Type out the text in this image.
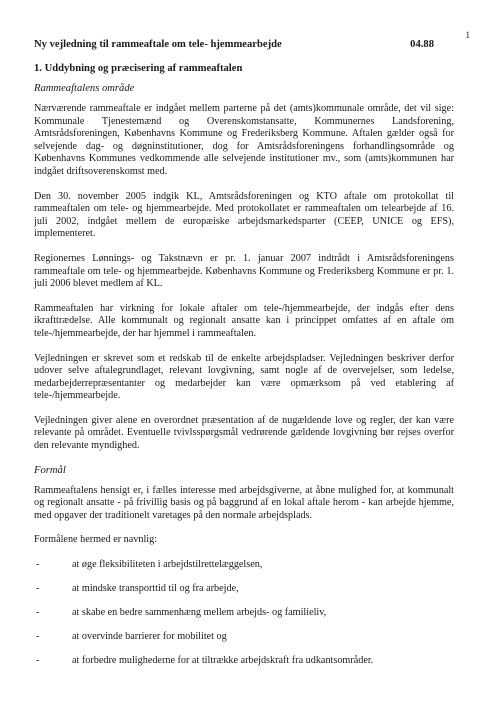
1
Ny vejledning til rammeaftale om tele- hjemmearbejde	04.88
1. Uddybning og præcisering af rammeaftalen
Rammeaftalens område

Nærværende rammeaftale er indgået mellem parterne på det (amts)kommunale område, det vil sige: Kommunale Tjenestemænd og Overenskomstansatte, Kommunernes Landsforening, Amtsrådsforeningen, Københavns Kommune og Frederiksberg Kommune. Aftalen gælder også for selvejende dag- og døgninstitutioner, dog for Amtsrådsforeningens forhandlingsområde og Københavns Kommunes vedkommende alle selvejende institutioner mv., som (amts)kommunen har indgået driftsoverenskomst med.

Den 30. november 2005 indgik KL, Amtsrådsforeningen og KTO aftale om protokollat til rammeaftalen om tele- og hjemmearbejde. Med protokollatet er rammeaftalen om telearbejde af 16. juli 2002, indgået mellem de europæiske arbejdsmarkedsparter (CEEP, UNICE og EFS), implementeret.

Regionernes Lønnings- og Takstnævn er pr. 1. januar 2007 indtrådt i Amtsrådsforeningens rammeaftale om tele- og hjemmearbejde. Københavns Kommune og Frederiksberg Kommune er pr. 1. juli 2006 blevet medlem af KL.

Rammeaftalen har virkning for lokale aftaler om tele-/hjemmearbejde, der indgås efter dens ikrafttrædelse. Alle kommunalt og regionalt ansatte kan i princippet omfattes af en aftale om tele-/hjemmearbejde, der har hjemmel i rammeaftalen.

Vejledningen er skrevet som et redskab til de enkelte arbejdspladser. Vejledningen beskriver derfor udover selve aftalegrundlaget, relevant lovgivning, samt nogle af de overvejelser, som ledelse, medarbejderrepræsentanter og medarbejder kan være opmærksom på ved etablering af tele-/hjemmearbejde.

Vejledningen giver alene en overordnet præsentation af de nugældende love og regler, der kan være relevante på området. Eventuelle tvivlsspørgsmål vedrørende gældende lovgivning bør rejses overfor den relevante myndighed.

Formål

Rammeaftalens hensigt er, i fælles interesse med arbejdsgiverne, at åbne mulighed for, at kommunalt og regionalt ansatte - på frivillig basis og på baggrund af en lokal aftale herom - kan arbejde hjemme, med opgaver der traditionelt varetages på den normale arbejdsplads.

Formålene hermed er navnlig:

-	at øge fleksibiliteten i arbejdstilrettelæggelsen,
-	at mindske transporttid til og fra arbejde,
-	at skabe en bedre sammenhæng mellem arbejds- og familieliv,
-	at overvinde barrierer for mobilitet og
-	at forbedre mulighederne for at tiltrække arbejdskraft fra udkantsområder.
